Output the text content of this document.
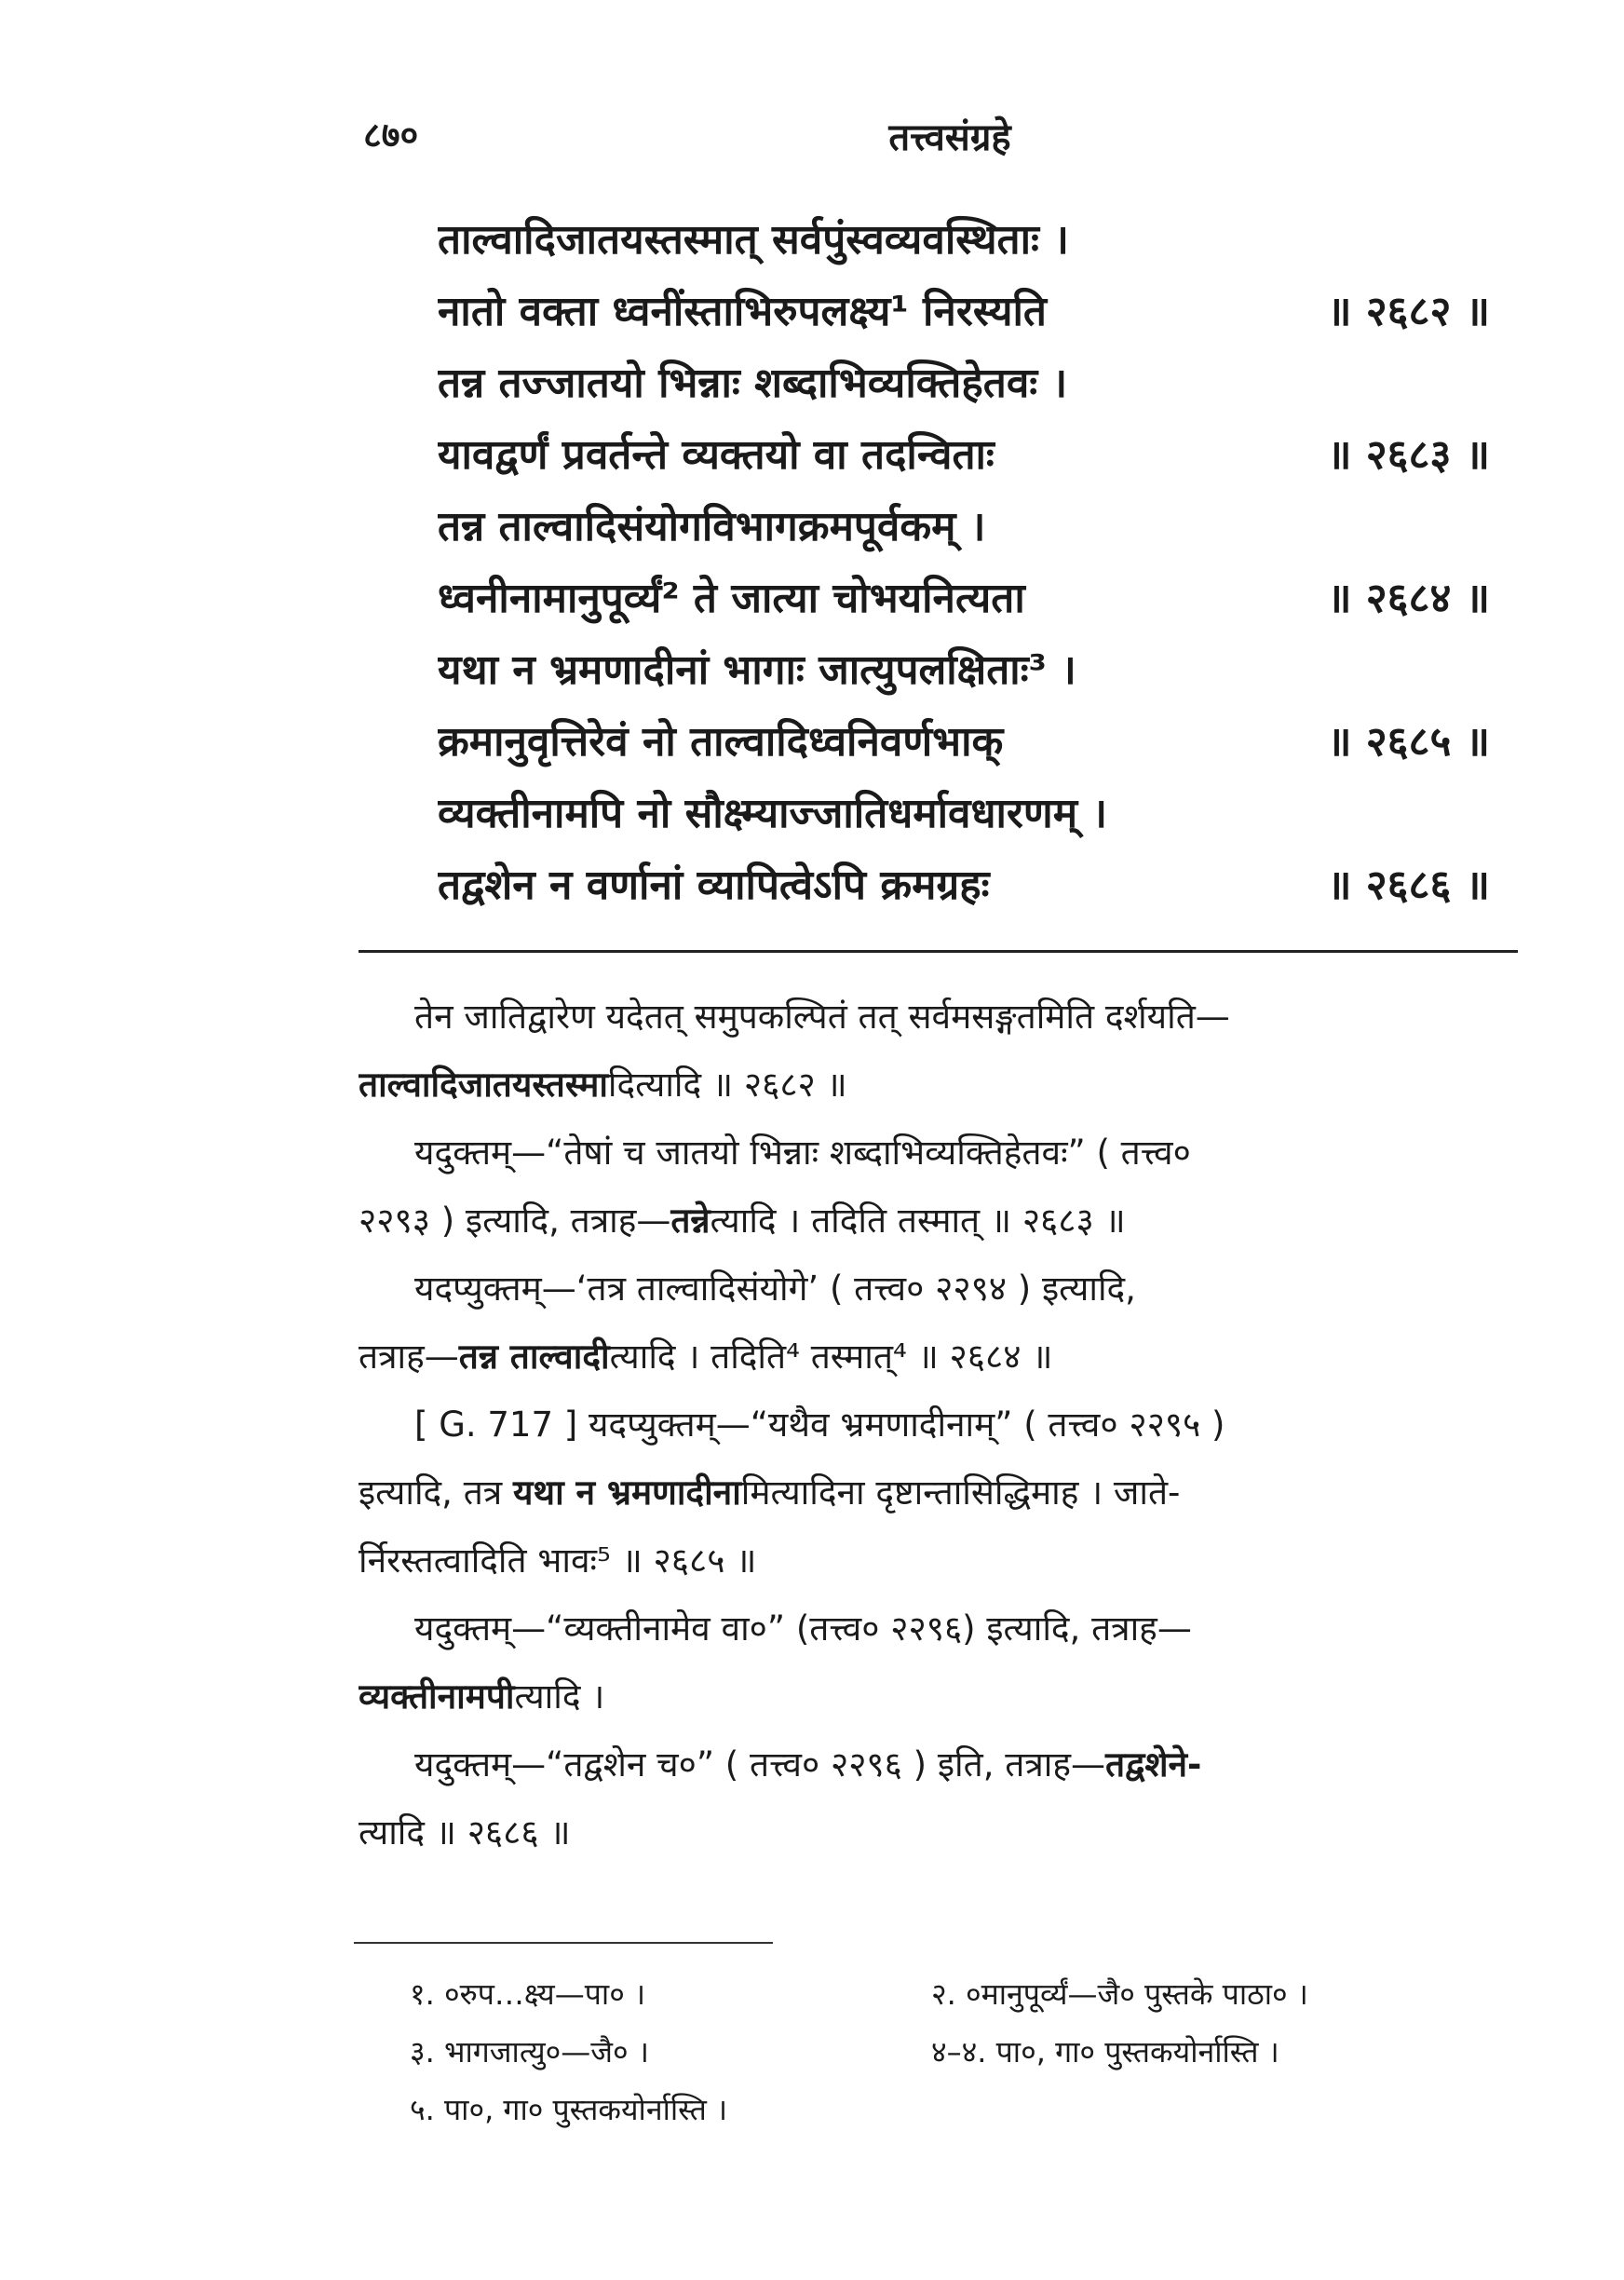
८७०	तत्त्वसंग्रहे
ताल्वादिजातयस्तस्मात् सर्वपुंस्वव्यवस्थिताः ।
नातो वक्ता ध्वनींस्ताभिरुपलक्ष्य¹ निरस्यति	॥ २६८२ ॥
तन्न तज्जातयो भिन्नाः शब्दाभिव्यक्तिहेतवः ।
यावद्वर्णं प्रवर्तन्ते व्यक्तयो वा तदन्विताः	॥ २६८३ ॥
तन्न ताल्वादिसंयोगविभागक्रमपूर्वकम् ।
ध्वनीनामानुपूर्व्यं² ते जात्या चोभयनित्यता	॥ २६८४ ॥
यथा न भ्रमणादीनां भागाः जात्युपलक्षिताः³ ।
क्रमानुवृत्तिरेवं नो ताल्वादिध्वनिवर्णभाक्	॥ २६८५ ॥
व्यक्तीनामपि नो सौक्ष्म्याज्जातिधर्मावधारणम् ।
तद्वशेन न वर्णानां व्यापित्वेऽपि क्रमग्रहः	॥ २६८६ ॥
तेन जातिद्वारेण यदेतत् समुपकल्पितं तत् सर्वमसङ्गतमिति दर्शयति—
ताल्वादिजातयस्तस्मादित्यादि ॥ २६८२ ॥
यदुक्तम्—“तेषां च जातयो भिन्नाः शब्दाभिव्यक्तिहेतवः” ( तत्त्व०
२२९३ ) इत्यादि, तत्राह—तन्नेत्यादि । तदिति तस्मात् ॥ २६८३ ॥
यदप्युक्तम्—‘तत्र ताल्वादिसंयोगे’ ( तत्त्व० २२९४ ) इत्यादि,
तत्राह—तन्न ताल्वादीत्यादि । तदिति⁴ तस्मात्⁴ ॥ २६८४ ॥
[ G. 717 ] यदप्युक्तम्—“यथैव भ्रमणादीनाम्” ( तत्त्व० २२९५ )
इत्यादि, तत्र यथा न भ्रमणादीनामित्यादिना दृष्टान्तासिद्धिमाह । जाते-
र्निरस्तत्वादिति भावः⁵ ॥ २६८५ ॥
यदुक्तम्—“व्यक्तीनामेव वा०” (तत्त्व० २२९६) इत्यादि, तत्राह—
व्यक्तीनामपीत्यादि ।
यदुक्तम्—“तद्वशेन च०” ( तत्त्व० २२९६ ) इति, तत्राह—तद्वशेने-
त्यादि ॥ २६८६ ॥
१. ०रुप…क्ष्य—पा० ।	२. ०मानुपूर्व्यं—जै० पुस्तके पाठा० ।
३. भागजात्यु०—जै० ।	४–४. पा०, गा० पुस्तकयोर्नास्ति ।
५. पा०, गा० पुस्तकयोर्नास्ति ।
